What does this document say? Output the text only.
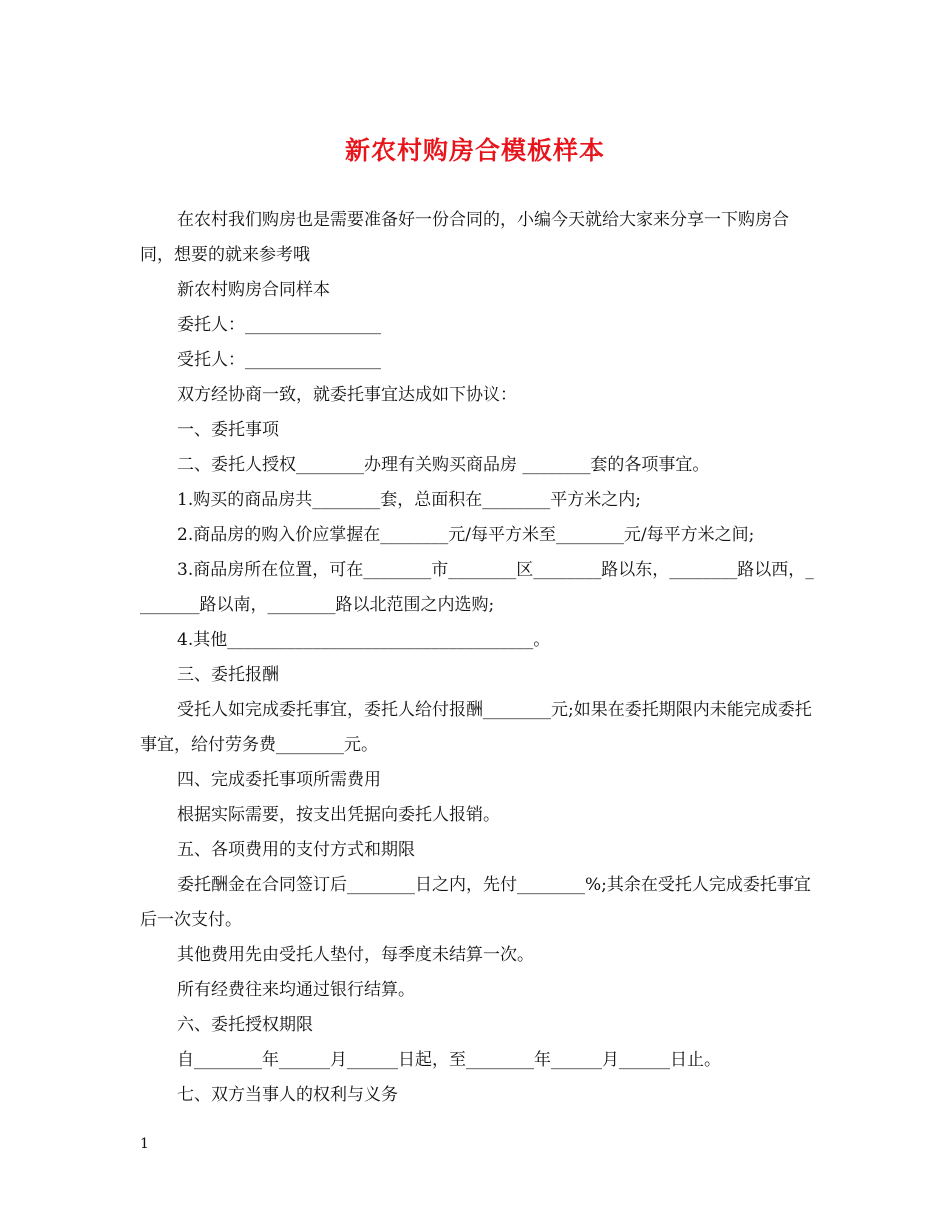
新农村购房合模板样本

在农村我们购房也是需要准备好一份合同的，小编今天就给大家来分享一下购房合同，想要的就来参考哦

新农村购房合同样本

委托人：________________

受托人：________________

双方经协商一致，就委托事宜达成如下协议：

一、委托事项

二、委托人授权________办理有关购买商品房 ________套的各项事宜。

1.购买的商品房共________套，总面积在________平方米之内;

2.商品房的购入价应掌握在________元/每平方米至________元/每平方米之间;

3.商品房所在位置，可在________市________区________路以东，________路以西，________路以南，________路以北范围之内选购;

4.其他____________________________________。

三、委托报酬

受托人如完成委托事宜，委托人给付报酬________元;如果在委托期限内未能完成委托事宜，给付劳务费________元。

四、完成委托事项所需费用

根据实际需要，按支出凭据向委托人报销。

五、各项费用的支付方式和期限

委托酬金在合同签订后________日之内，先付________%;其余在受托人完成委托事宜后一次支付。

其他费用先由受托人垫付，每季度未结算一次。

所有经费往来均通过银行结算。

六、委托授权期限

自________年______月______日起，至________年______月______日止。

七、双方当事人的权利与义务

1
